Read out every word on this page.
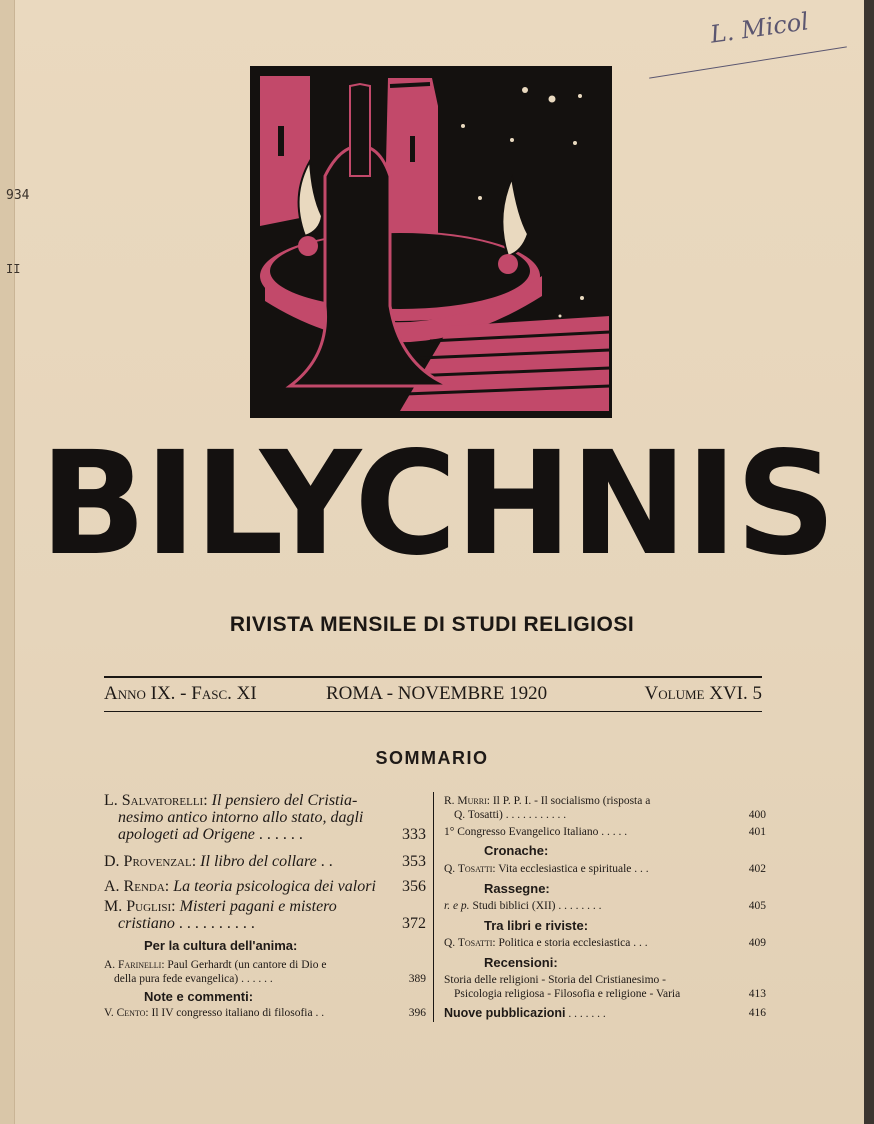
934
II
L. Micol
BILYCHNIS
RIVISTA MENSILE DI STUDI RELIGIOSI
Anno IX. - Fasc. XI	ROMA - NOVEMBRE 1920	Volume XVI. 5
SOMMARIO
L. Salvatorelli: Il pensiero del Cristia-
nesimo antico intorno allo stato, dagli
apologeti ad Origene . . . . . .	333
D. Provenzal: Il libro del collare . .	353
A. Renda: La teoria psicologica dei valori 356
M. Puglisi: Misteri pagani e mistero
cristiano . . . . . . . . . .	372
Per la cultura dell'anima:
A. Farinelli: Paul Gerhardt (un cantore di Dio e
della pura fede evangelica) . . . . . .	389
Note e commenti:
V. Cento: Il IV congresso italiano di filosofia . .	396
R. Murri: Il P. P. I. - Il socialismo (risposta a
Q. Tosatti) . . . . . . . . . . .	400
1° Congresso Evangelico Italiano . . . . .	401
Cronache:
Q. Tosatti: Vita ecclesiastica e spirituale . . .	402
Rassegne:
r. e p. Studi biblici (XII) . . . . . . . .	405
Tra libri e riviste:
Q. Tosatti: Politica e storia ecclesiastica . . .	409
Recensioni:
Storia delle religioni - Storia del Cristianesimo -
Psicologia religiosa - Filosofia e religione - Varia	413
Nuove pubblicazioni . . . . . . .	416
